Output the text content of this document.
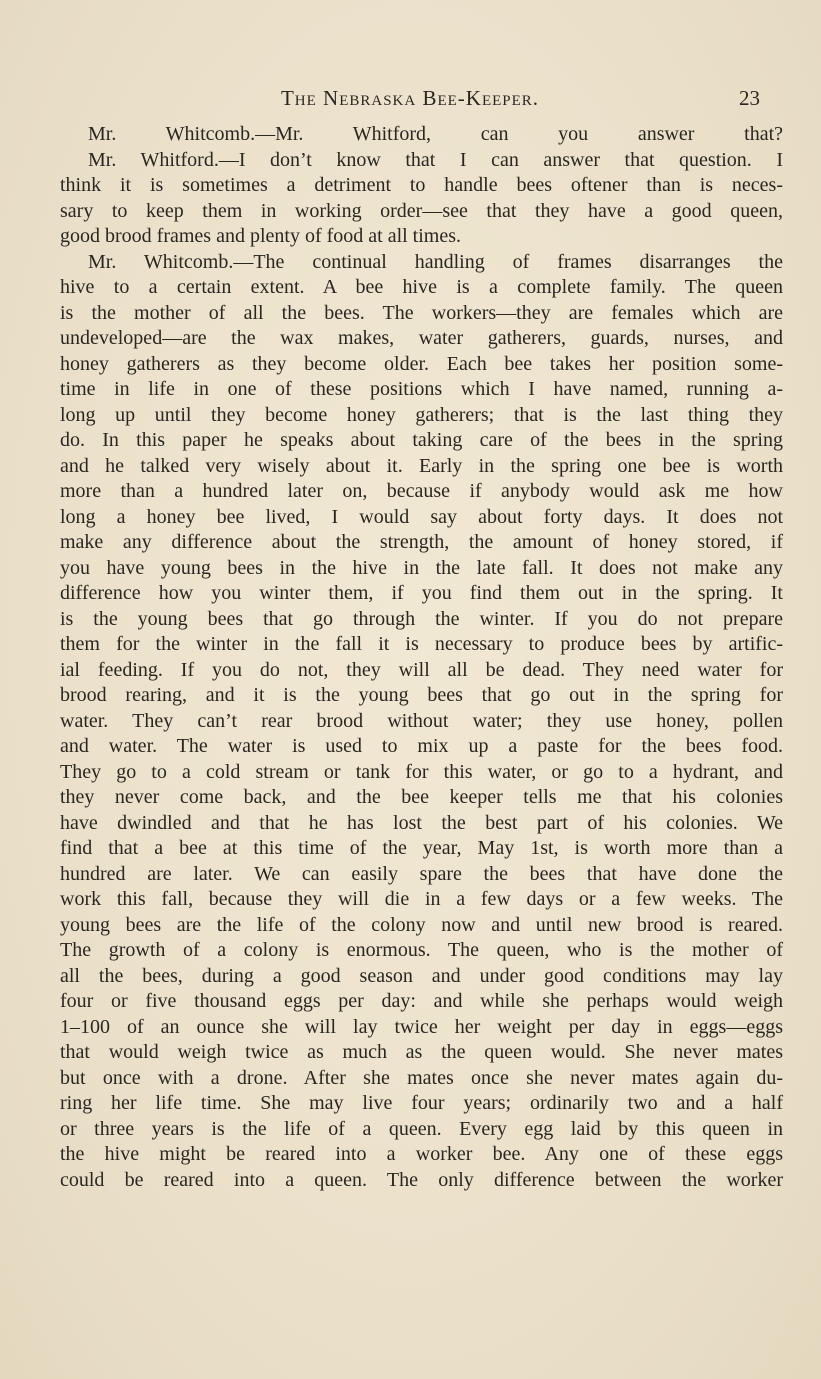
The Nebraska Bee-Keeper.	23
Mr. Whitcomb.—Mr. Whitford, can you answer that?
Mr. Whitford.—I don’t know that I can answer that question. I
think it is sometimes a detriment to handle bees oftener than is neces-
sary to keep them in working order—see that they have a good queen,
good brood frames and plenty of food at all times.
Mr. Whitcomb.—The continual handling of frames disarranges the
hive to a certain extent. A bee hive is a complete family. The queen
is the mother of all the bees. The workers—they are females which are
undeveloped—are the wax makes, water gatherers, guards, nurses, and
honey gatherers as they become older. Each bee takes her position some-
time in life in one of these positions which I have named, running a-
long up until they become honey gatherers; that is the last thing they
do. In this paper he speaks about taking care of the bees in the spring
and he talked very wisely about it. Early in the spring one bee is worth
more than a hundred later on, because if anybody would ask me how
long a honey bee lived, I would say about forty days. It does not
make any difference about the strength, the amount of honey stored, if
you have young bees in the hive in the late fall. It does not make any
difference how you winter them, if you find them out in the spring. It
is the young bees that go through the winter. If you do not prepare
them for the winter in the fall it is necessary to produce bees by artific-
ial feeding. If you do not, they will all be dead. They need water for
brood rearing, and it is the young bees that go out in the spring for
water. They can’t rear brood without water; they use honey, pollen
and water. The water is used to mix up a paste for the bees food.
They go to a cold stream or tank for this water, or go to a hydrant, and
they never come back, and the bee keeper tells me that his colonies
have dwindled and that he has lost the best part of his colonies. We
find that a bee at this time of the year, May 1st, is worth more than a
hundred are later. We can easily spare the bees that have done the
work this fall, because they will die in a few days or a few weeks. The
young bees are the life of the colony now and until new brood is reared.
The growth of a colony is enormous. The queen, who is the mother of
all the bees, during a good season and under good conditions may lay
four or five thousand eggs per day: and while she perhaps would weigh
1–100 of an ounce she will lay twice her weight per day in eggs—eggs
that would weigh twice as much as the queen would. She never mates
but once with a drone. After she mates once she never mates again du-
ring her life time. She may live four years; ordinarily two and a half
or three years is the life of a queen. Every egg laid by this queen in
the hive might be reared into a worker bee. Any one of these eggs
could be reared into a queen. The only difference between the worker
